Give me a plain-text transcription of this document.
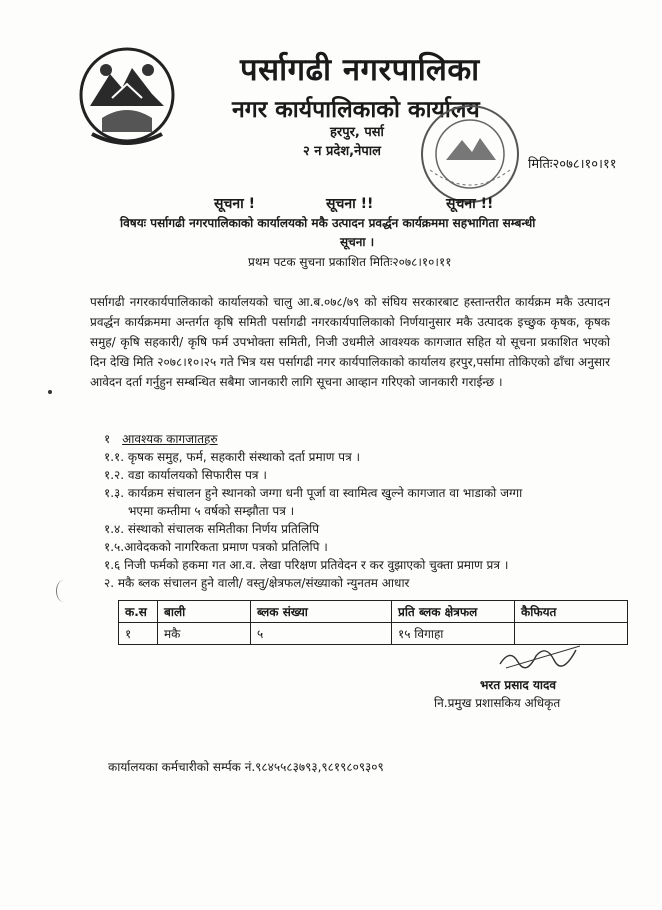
पर्सागढी नगरपालिका
नगर कार्यपालिकाको कार्यालय
हरपुर, पर्सा
२ न प्रदेश,नेपाल
मितिः२०७८।१०।११
सूचना !	सूचना !!	सूचना !!
विषयः पर्सागढी नगरपालिकाको कार्यालयको मकै उत्पादन प्रवर्द्धन कार्यक्रममा सहभागिता सम्बन्धी
सूचना ।
प्रथम पटक सुचना प्रकाशित मितिः२०७८।१०।११
पर्सागढी नगरकार्यपालिकाको कार्यालयको चालु आ.ब.०७८/७९ को संघिय सरकारबाट हस्तान्तरीत कार्यक्रम मकै उत्पादन प्रवर्द्धन कार्यक्रममा अन्तर्गत कृषि समिती पर्सागढी नगरकार्यपालिकाको निर्णयानुसार मकै उत्पादक इच्छुक कृषक, कृषक समुह/ कृषि सहकारी/ कृषि फर्म उपभोक्ता समिती, निजी उधमीले आवश्यक कागजात सहित यो सूचना प्रकाशित भएको दिन देखि मिति २०७८।१०।२५ गते भित्र यस पर्सागढी नगर कार्यपालिकाको कार्यालय हरपुर,पर्सामा तोकिएको ढाँचा अनुसार आवेदन दर्ता गर्नुहुन सम्बन्धित सबैमा जानकारी लागि सूचना आव्हान गरिएको जानकारी गराईन्छ ।
१ आवश्यक कागजातहरु
१.१. कृषक समुह, फर्म, सहकारी संस्थाको दर्ता प्रमाण पत्र ।
१.२. वडा कार्यालयको सिफारीस पत्र ।
१.३. कार्यक्रम संचालन हुने स्थानको जग्गा धनी पूर्जा वा स्वामित्व खुल्ने कागजात वा भाडाको जग्गा
भएमा कम्तीमा ५ वर्षको सम्झौता पत्र ।
१.४. संस्थाको संचालक समितीका निर्णय प्रतिलिपि
१.५.आवेदकको नागरिकता प्रमाण पत्रको प्रतिलिपि ।
१.६ निजी फर्मको हकमा गत आ.व. लेखा परिक्षण प्रतिवेदन र कर वुझाएको चुक्ता प्रमाण प्रत्र ।
२. मकै ब्लक संचालन हुने वाली/ वस्तु/क्षेत्रफल/संख्याको न्युनतम आधार
क.स	बाली	ब्लक संख्या	प्रति ब्लक क्षेत्रफल	कैफियत
१	मकै	५	१५ विगाहा	
भरत प्रसाद यादव
नि.प्रमुख प्रशासकिय अधिकृत
कार्यालयका कर्मचारीको सर्म्पक नं.९८४५५८३७९३,९८१९८०९३०९
